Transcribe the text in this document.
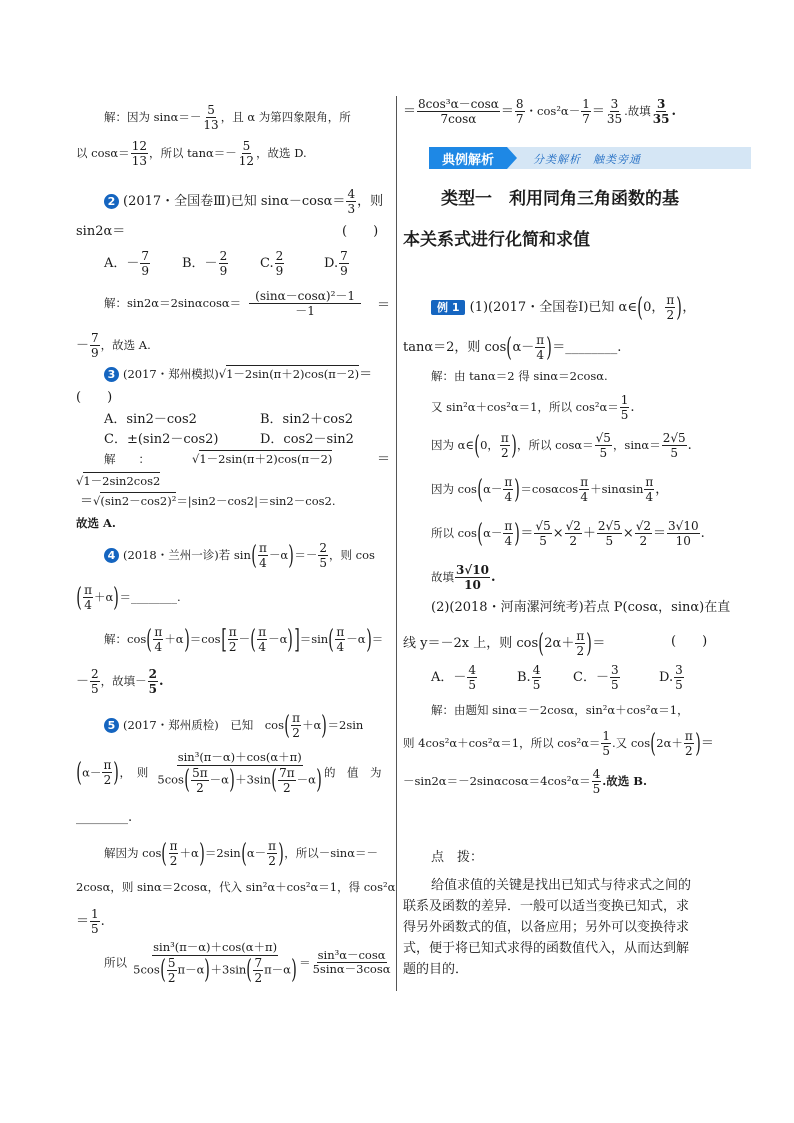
解：因为 $\sin\alpha=- \frac{5}{13}$ ，且 α 为第四象限角，所
以 $\cos\alpha= \frac{12}{13}$ ，所以 $\tan\alpha=- \frac{5}{12}$ ，故选 D.
2 (2017・全国卷Ⅲ)已知 $\sin\alpha-\cos\alpha= \frac{4}{3}$ ，则
sin2α＝	(　　)
A．－ $\frac{7}{9}$ B．－ $\frac{2}{9} C$. $\frac{2}{9}$	D. $\frac{7}{9}$
解：$\sin 2\alpha=2\sin\alpha\cos\alpha= \frac{\text{(sinα－cosα)²－1}}{-1}$ ＝
－ $\frac{7}{9}$ ，故选 A.
3 (2017・郑州模拟)√1－2sin(π＋2)cos(π－2)＝
(　　)
A．sin2－cos2	B．sin2＋cos2
C．±(sin2－cos2)	D．cos2－sin2
解　　：	√1－2sin(π＋2)cos(π－2)	＝
√1－2sin2cos2
＝√(sin2－cos2)²＝|sin2－cos2|＝sin2－cos2.
故选 A.
4 (2018・兰州一诊)若 $\sin( \frac{\pi}{4} -\alpha)=- \frac{2}{5}$ ，则 cos
( $\frac{\pi}{4}$ ＋α)＝________.
解：$\cos( \frac{\pi}{4} +\alpha)=\cos[ \frac{\pi}{2}$ －( $\frac{\pi}{4} -\alpha)]=\sin( \frac{\pi}{4} -\alpha)=$
－ $\frac{2}{5}$ ，故填－ $\frac{2}{5}$ .
5 (2017・郑州质检)　已知　$\cos( \frac{\pi}{2} +\alpha)=2\sin$
($\alpha- \frac{\pi}{2}$ )，　则 $\frac{\text{sin³(π－α)＋cos(α＋π)}}{5\cos( \frac{5\pi}{2} -\alpha)+3\sin( \frac{7\pi}{2} -\alpha)}$ 的　值　为
________.
解因为 $\cos( \frac{\pi}{2} +\alpha)=2\sin(\alpha- \frac{\pi}{2}$ )，所以－sinα＝－
2cosα，则 sinα＝2cosα，代入 sin²α＋cos²α＝1，得 cos²α
＝ $\frac{1}{5}$ .
所以 $\frac{\text{sin³(π－α)＋cos(α＋π)}}{5\cos( \frac{5}{2} \pi-\alpha)+3\sin( \frac{7}{2} \pi-\alpha)} = \frac{\text{sin³α－cosα}}{5\sin\alpha-3\cos\alpha}$
＝ $\frac{\text{8cos³α－cosα}}{7\cos\alpha} = \frac{8}{7}$ ・$\cos^2\alpha- \frac{1}{7} = \frac{3}{35}$ .故填 $\frac{3}{35}$ .
典例解析	分类解析　触类旁通
类型一　利用同角三角函数的基
本关系式进行化简和求值
例 1 (1)(2017・全国卷Ⅰ)已知 α∈(0， $\frac{\pi}{2}$ )，
tanα＝2，则 $\cos(\alpha- \frac{\pi}{4}$ )＝________.
解：由 tanα＝2 得 sinα＝2cosα.
又 sin²α＋cos²α＝1，所以 $\cos^2\alpha= \frac{1}{5}$ .
因为 α∈(0， $\frac{\pi}{2}$ )，所以 $\cos\alpha= \frac{√5}{5}$ ，$\sin\alpha= \frac{2√5}{5}$ .
因为 $\cos(\alpha- \frac{\pi}{4} )=\cos\alpha\cos \frac{\pi}{4} +\sin\alpha\sin \frac{\pi}{4}$ ，
所以 $\cos(\alpha- \frac{\pi}{4}$ )＝ $\frac{√5}{5} \times \frac{√2}{2} + \frac{2√5}{5} \times \frac{√2}{2} = \frac{3√10}{10}$ .
故填 $\frac{3√10}{10}$ .
(2)(2018・河南漯河统考)若点 P(cosα，sinα)在直
线 y＝－2x 上，则 $\cos(2\alpha+ \frac{\pi}{2}$ )＝	(　　)
A．－ $\frac{4}{5}$	B. $\frac{4}{5}$ C．－ $\frac{3}{5}$	D. $\frac{3}{5}$
解：由题知 sinα＝－2cosα，sin²α＋cos²α＝1，
则 4cos²α＋cos²α＝1，所以 $\cos^2\alpha= \frac{1}{5}$ .又 $\cos(2\alpha+ \frac{\pi}{2}$ )＝
$-\sin 2\alpha=-2\sin\alpha\cos\alpha=4\cos^2\alpha= \frac{4}{5}$ .故选 B.
点　拨：
给值求值的关键是找出已知式与待求式之间的
联系及函数的差异．一般可以适当变换已知式，求
得另外函数式的值，以备应用；另外可以变换待求
式，便于将已知式求得的函数值代入，从而达到解
题的目的．
